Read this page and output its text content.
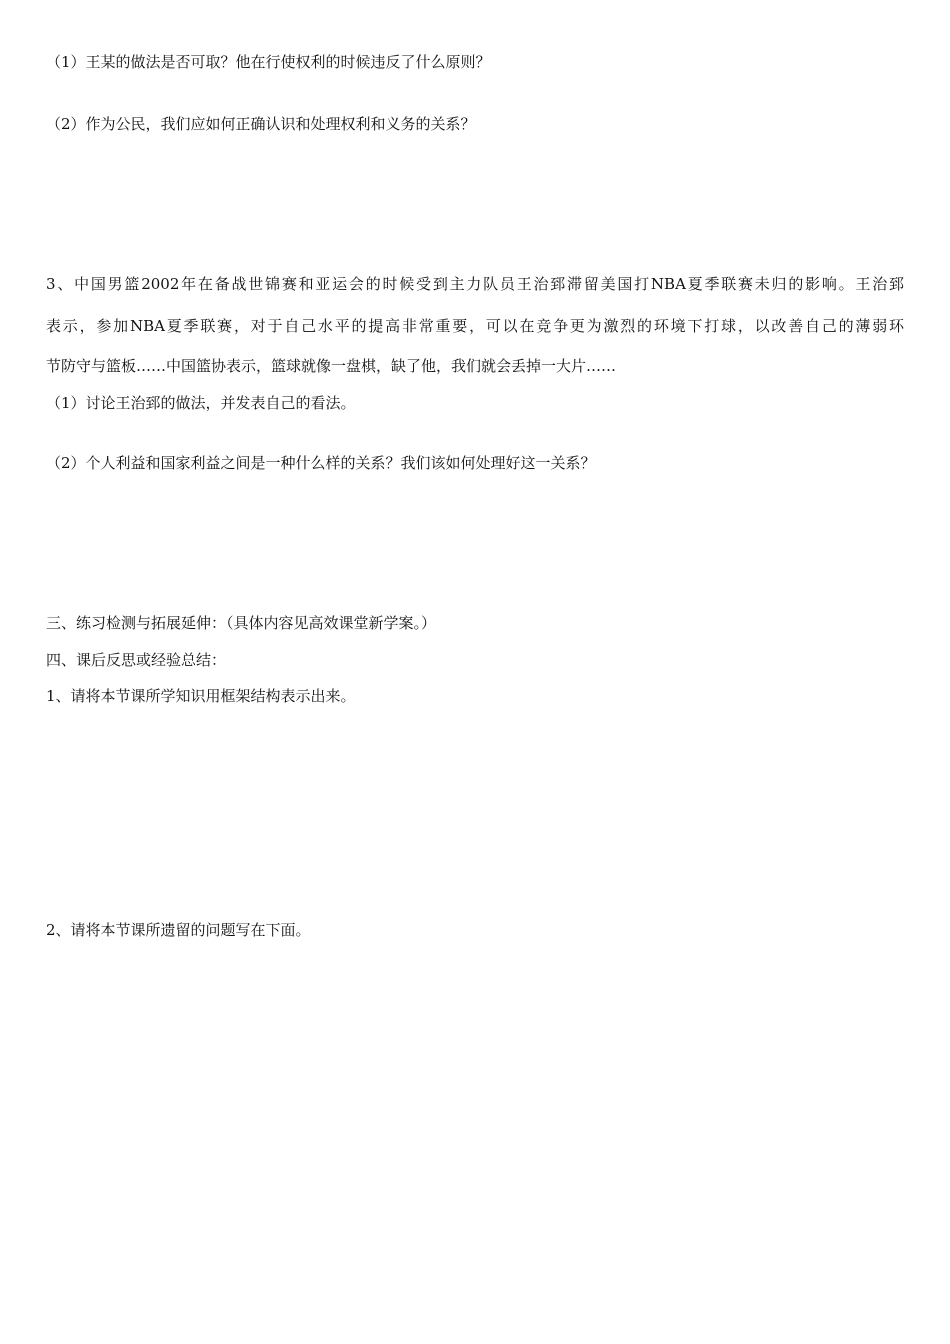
（1）王某的做法是否可取？他在行使权利的时候违反了什么原则？
（2）作为公民，我们应如何正确认识和处理权利和义务的关系？
3、中国男篮2002年在备战世锦赛和亚运会的时候受到主力队员王治郅滞留美国打NBA夏季联赛未归的影响。王治郅
表示，参加NBA夏季联赛，对于自己水平的提高非常重要，可以在竞争更为激烈的环境下打球，以改善自己的薄弱环
节防守与篮板……中国篮协表示，篮球就像一盘棋，缺了他，我们就会丢掉一大片……
（1）讨论王治郅的做法，并发表自己的看法。
（2）个人利益和国家利益之间是一种什么样的关系？我们该如何处理好这一关系？
三、练习检测与拓展延伸：（具体内容见高效课堂新学案。）
四、课后反思或经验总结：
1、请将本节课所学知识用框架结构表示出来。
2、请将本节课所遗留的问题写在下面。
